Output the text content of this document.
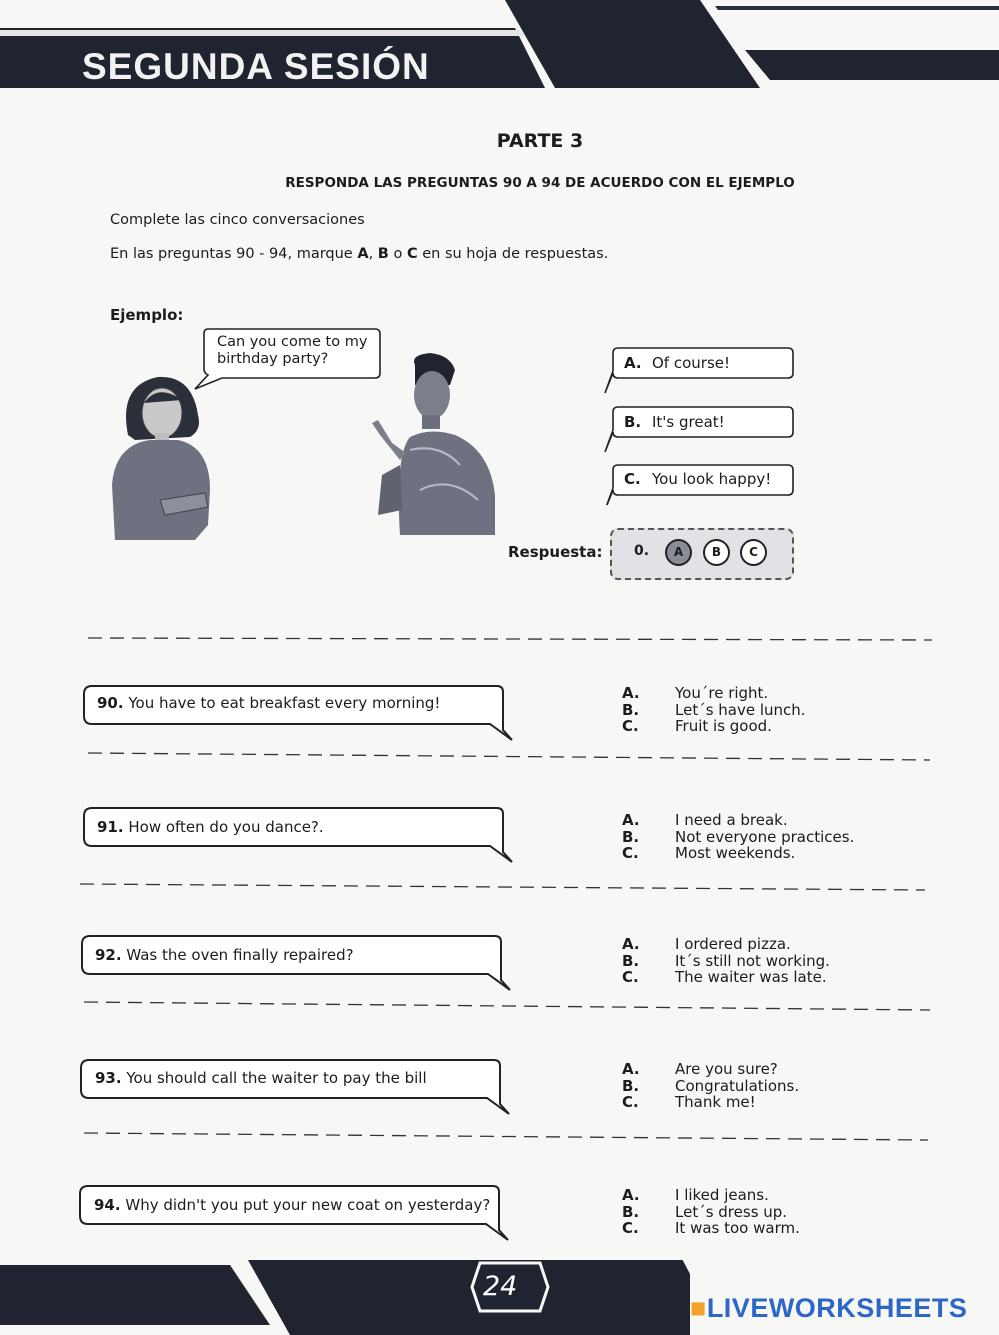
SEGUNDA SESIÓN
PARTE 3
RESPONDA LAS PREGUNTAS 90 A 94 DE ACUERDO CON EL EJEMPLO
Complete las cinco conversaciones
En las preguntas 90 - 94, marque A, B o C en su hoja de respuestas.
Ejemplo:
Can you come to my
birthday party?	A. Of course!
B. It's great!
C. You look happy!
Respuesta: 0.	A	B	C
90. You have to eat breakfast every morning!
A.	You´re right.
B.	Let´s have lunch.
C.	Fruit is good.
91. How often do you dance?.	A.	I need a break.
B.	Not everyone practices.
C.	Most weekends.
92. Was the oven finally repaired?
A.	I ordered pizza.
B.	It´s still not working.
C.	The waiter was late.
93. You should call the waiter to pay the bill	A.	Are you sure?
B.	Congratulations.
C.	Thank me!
94. Why didn't you put your new coat on yesterday?
A.	I liked jeans.
B.	Let´s dress up.
C.	It was too warm.
24
■LIVEWORKSHEETS
